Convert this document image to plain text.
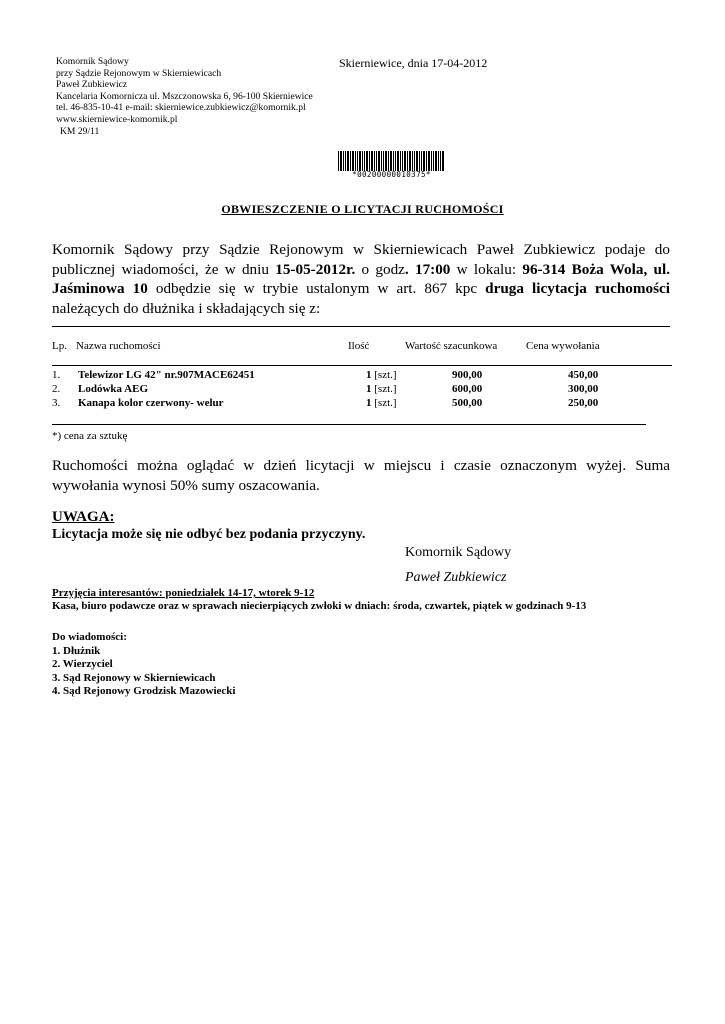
Komornik Sądowy
przy Sądzie Rejonowym w Skierniewicach
Paweł Zubkiewicz
Kancelaria Komornicza ul. Mszczonowska 6, 96-100 Skierniewice
tel. 46-835-10-41 e-mail: skierniewice.zubkiewicz@komornik.pl
www.skierniewice-komornik.pl
KM 29/11
Skierniewice, dnia 17-04-2012
*00200000010375*
OBWIESZCZENIE O LICYTACJI RUCHOMOŚCI
Komornik Sądowy przy Sądzie Rejonowym w Skierniewicach Paweł Zubkiewicz podaje do publicznej wiadomości, że w dniu 15-05-2012r. o godz. 17:00 w lokalu: 96-314 Boża Wola, ul. Jaśminowa 10 odbędzie się w trybie ustalonym w art. 867 kpc druga licytacja ruchomości należących do dłużnika i składających się z:
Lp. Nazwa ruchomości	Ilość	Wartość szacunkowa	Cena wywołania
1. Telewizor LG 42" nr.907MACE62451	1 [szt.]	900,00	450,00
2. Lodówka AEG	1 [szt.]	600,00	300,00
3. Kanapa kolor czerwony- welur	1 [szt.]	500,00	250,00
*) cena za sztukę
Ruchomości można oglądać w dzień licytacji w miejscu i czasie oznaczonym wyżej. Suma wywołania wynosi 50% sumy oszacowania.
UWAGA:
Licytacja może się nie odbyć bez podania przyczyny.
Komornik Sądowy
Paweł Zubkiewicz
Przyjęcia interesantów: poniedziałek 14-17, wtorek 9-12
Kasa, biuro podawcze oraz w sprawach niecierpiących zwłoki w dniach: środa, czwartek, piątek w godzinach 9-13
Do wiadomości:
1. Dłużnik
2. Wierzyciel
3. Sąd Rejonowy w Skierniewicach
4. Sąd Rejonowy Grodzisk Mazowiecki
